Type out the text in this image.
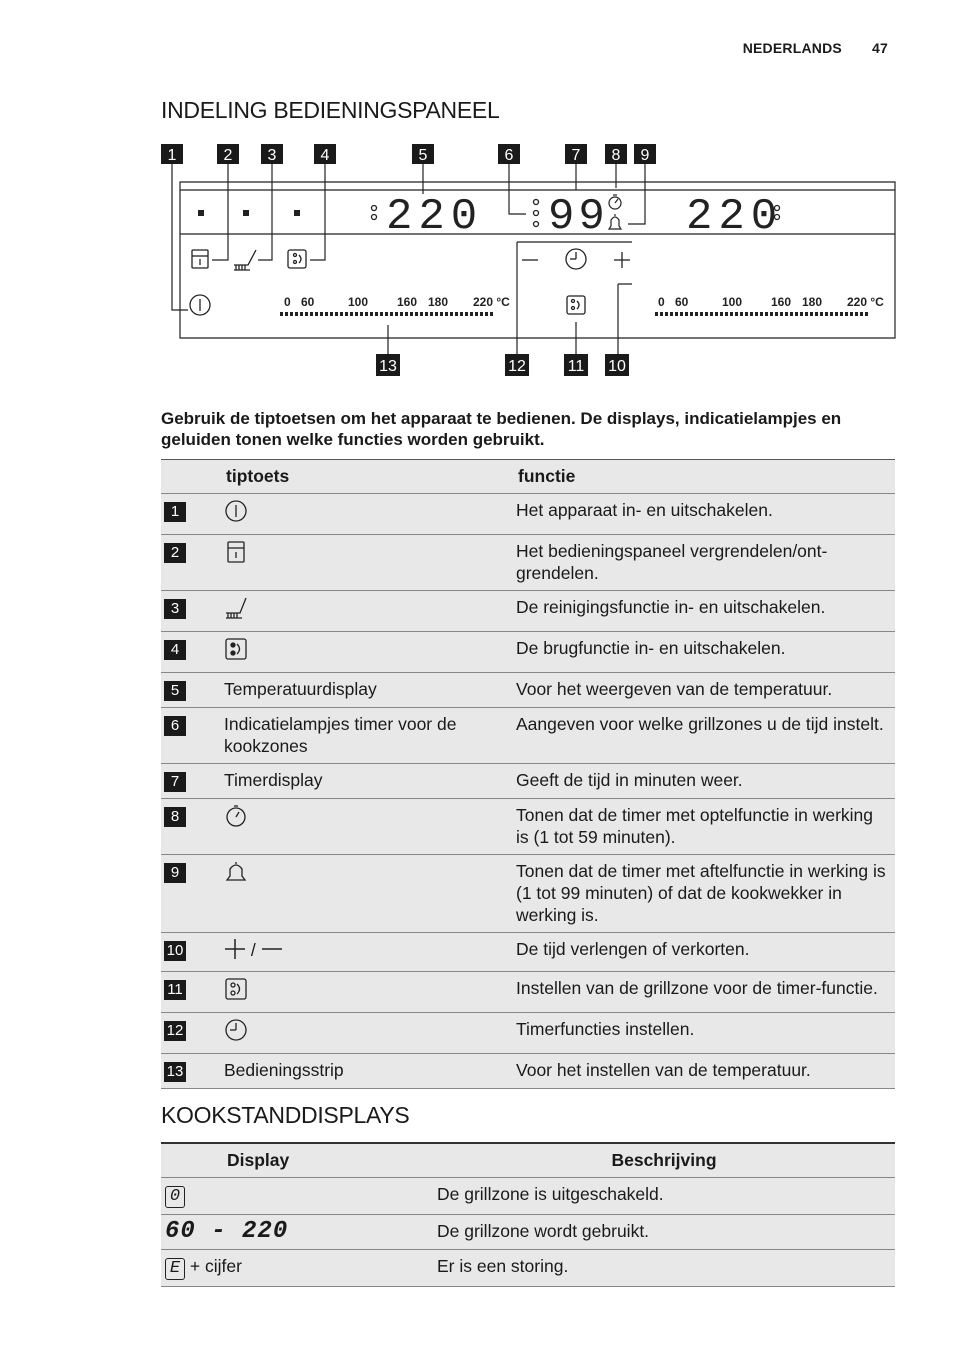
NEDERLANDS 47
INDELING BEDIENINGSPANEEL
220 99 220
0 60	100 160 180 220 °C	0 60	100 160 180 220 °C
1	2 3	4	5	6	7 8 9
13	12	11 10
Gebruik de tiptoetsen om het apparaat te bedienen. De displays, indicatielampjes en geluiden tonen welke functies worden gebruikt.
	tiptoets	functie
1		Het apparaat in- en uitschakelen.
2		Het bedieningspaneel vergrendelen/ont-grendelen.
3		De reinigingsfunctie in- en uitschakelen.
4		De brugfunctie in- en uitschakelen.
5	Temperatuurdisplay	Voor het weergeven van de temperatuur.
6	Indicatielampjes timer voor de kookzones	Aangeven voor welke grillzones u de tijd instelt.
7	Timerdisplay	Geeft de tijd in minuten weer.
8		Tonen dat de timer met optelfunctie in werking is (1 tot 59 minuten).
9		Tonen dat de timer met aftelfunctie in werking is (1 tot 99 minuten) of dat de kookwekker in werking is.
10	/	De tijd verlengen of verkorten.
11		Instellen van de grillzone voor de timer-functie.
12		Timerfuncties instellen.
13	Bedieningsstrip	Voor het instellen van de temperatuur.
KOOKSTANDDISPLAYS
Display	Beschrijving
0	De grillzone is uitgeschakeld.
60 - 220	De grillzone wordt gebruikt.
E + cijfer	Er is een storing.
